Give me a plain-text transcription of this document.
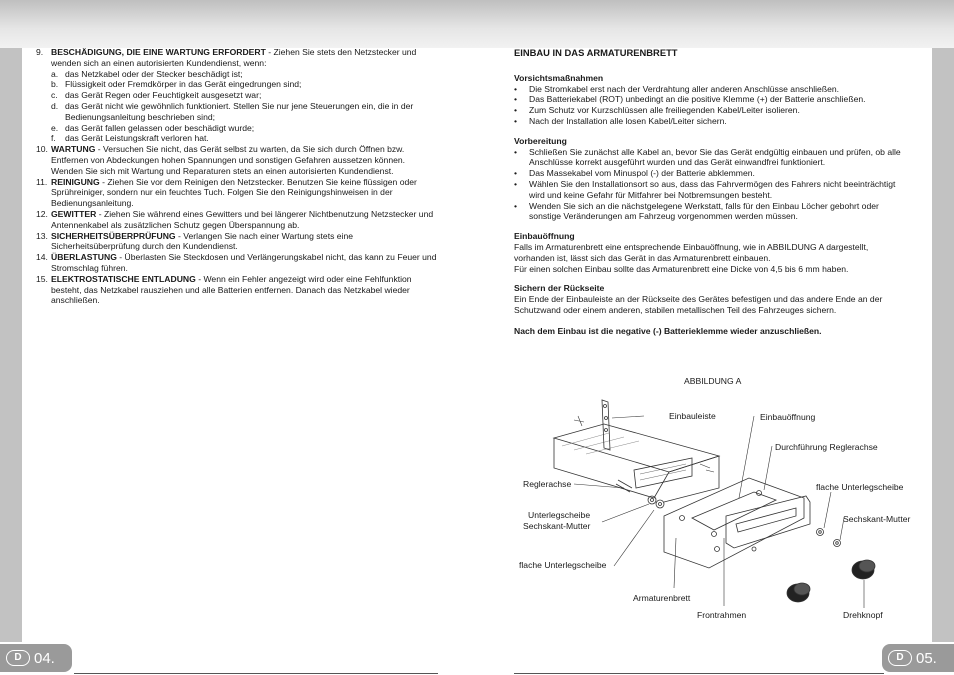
9. BESCHÄDIGUNG, DIE EINE WARTUNG ERFORDERT - Ziehen Sie stets den Netzstecker und wenden sich an einen autorisierten Kundendienst, wenn:
a. das Netzkabel oder der Stecker beschädigt ist;
b. Flüssigkeit oder Fremdkörper in das Gerät eingedrungen sind;
c. das Gerät Regen oder Feuchtigkeit ausgesetzt war;
d. das Gerät nicht wie gewöhnlich funktioniert. Stellen Sie nur jene Steuerungen ein, die in der Bedienungsanleitung beschrieben sind;
e. das Gerät fallen gelassen oder beschädigt wurde;
f.	das Gerät Leistungskraft verloren hat.
10. WARTUNG - Versuchen Sie nicht, das Gerät selbst zu warten, da Sie sich durch Öffnen bzw. Entfernen von Abdeckungen hohen Spannungen und sonstigen Gefahren aussetzen können. Wenden Sie sich mit Wartung und Reparaturen stets an einen autorisierten Kundendienst.
11. REINIGUNG - Ziehen Sie vor dem Reinigen den Netzstecker. Benutzen Sie keine flüssigen oder Sprühreiniger, sondern nur ein feuchtes Tuch. Folgen Sie den Reinigungshinweisen in der Bedienungsanleitung.
12. GEWITTER - Ziehen Sie während eines Gewitters und bei längerer Nichtbenutzung Netzstecker und Antennenkabel als zusätzlichen Schutz gegen Überspannung ab.
13. SICHERHEITSÜBERPRÜFUNG - Verlangen Sie nach einer Wartung stets eine Sicherheitsüberprüfung durch den Kundendienst.
14. ÜBERLASTUNG - Überlasten Sie Steckdosen und Verlängerungskabel nicht, das kann zu Feuer und Stromschlag führen.
15. ELEKTROSTATISCHE ENTLADUNG - Wenn ein Fehler angezeigt wird oder eine Fehlfunktion besteht, das Netzkabel rausziehen und alle Batterien entfernen. Danach das Netzkabel wieder anschließen.
EINBAU IN DAS ARMATURENBRETT
Vorsichtsmaßnahmen
•	Die Stromkabel erst nach der Verdrahtung aller anderen Anschlüsse anschließen.
•	Das Batteriekabel (ROT) unbedingt an die positive Klemme (+) der Batterie anschließen.
•	Zum Schutz vor Kurzschlüssen alle freiliegenden Kabel/Leiter isolieren.
•	Nach der Installation alle losen Kabel/Leiter sichern.
Vorbereitung
•	Schließen Sie zunächst alle Kabel an, bevor Sie das Gerät endgültig einbauen und prüfen, ob alle Anschlüsse korrekt ausgeführt wurden und das Gerät einwandfrei funktioniert.
•	Das Massekabel vom Minuspol (-) der Batterie abklemmen.
•	Wählen Sie den Installationsort so aus, dass das Fahrvermögen des Fahrers nicht beeinträchtigt wird und keine Gefahr für Mitfahrer bei Notbremsungen besteht.
•	Wenden Sie sich an die nächstgelegene Werkstatt, falls für den Einbau Löcher gebohrt oder sonstige Veränderungen am Fahrzeug vorgenommen werden müssen.
Einbauöffnung
Falls im Armaturenbrett eine entsprechende Einbauöffnung, wie in ABBILDUNG A dargestellt, vorhanden ist, lässt sich das Gerät in das Armaturenbrett einbauen.
Für einen solchen Einbau sollte das Armaturenbrett eine Dicke von 4,5 bis 6 mm haben.
Sichern der Rückseite
Ein Ende der Einbauleiste an der Rückseite des Gerätes befestigen und das andere Ende an der Schutzwand oder einem anderen, stabilen metallischen Teil des Fahrzeuges sichern.
Nach dem Einbau ist die negative (-) Batterieklemme wieder anzuschließen.
ABBILDUNG A
Einbauleiste	Einbauöffnung
Durchführung Reglerachse
Reglerachse	flache Unterlegscheibe
Unterlegscheibe
Sechskant-Mutter
Sechskant-Mutter
flache Unterlegscheibe
Armaturenbrett
Frontrahmen	Drehknopf
D 04.	D 05.
